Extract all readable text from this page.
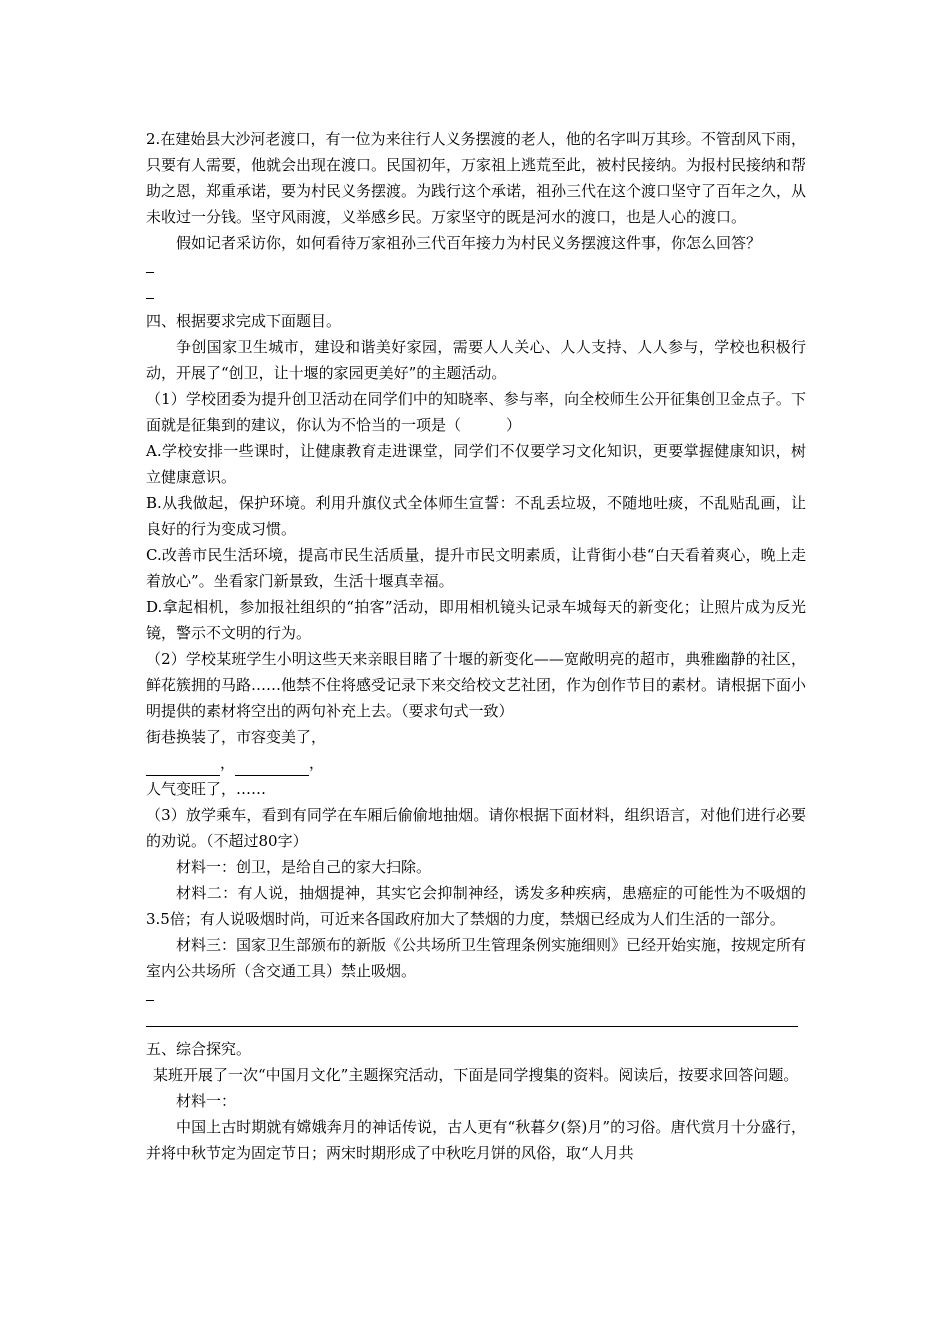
2.在建始县大沙河老渡口，有一位为来往行人义务摆渡的老人，他的名字叫万其珍。不管刮风下雨，只要有人需要，他就会出现在渡口。民国初年，万家祖上逃荒至此，被村民接纳。为报村民接纳和帮助之恩，郑重承诺，要为村民义务摆渡。为践行这个承诺，祖孙三代在这个渡口坚守了百年之久，从未收过一分钱。坚守风雨渡，义举感乡民。万家坚守的既是河水的渡口，也是人心的渡口。

假如记者采访你，如何看待万家祖孙三代百年接力为村民义务摆渡这件事，你怎么回答？

四、根据要求完成下面题目。

争创国家卫生城市，建设和谐美好家园，需要人人关心、人人支持、人人参与，学校也积极行动，开展了“创卫，让十堰的家园更美好”的主题活动。

（1）学校团委为提升创卫活动在同学们中的知晓率、参与率，向全校师生公开征集创卫金点子。下面就是征集到的建议，你认为不恰当的一项是（　　　）

A.学校安排一些课时，让健康教育走进课堂，同学们不仅要学习文化知识，更要掌握健康知识，树立健康意识。

B.从我做起，保护环境。利用升旗仪式全体师生宣誓：不乱丢垃圾，不随地吐痰，不乱贴乱画，让良好的行为变成习惯。

C.改善市民生活环境，提高市民生活质量，提升市民文明素质，让背街小巷“白天看着爽心，晚上走着放心”。坐看家门新景致，生活十堰真幸福。

D.拿起相机，参加报社组织的“拍客”活动，即用相机镜头记录车城每天的新变化；让照片成为反光镜，警示不文明的行为。

（2）学校某班学生小明这些天来亲眼目睹了十堰的新变化——宽敞明亮的超市，典雅幽静的社区，鲜花簇拥的马路……他禁不住将感受记录下来交给校文艺社团，作为创作节目的素材。请根据下面小明提供的素材将空出的两句补充上去。（要求句式一致）

街巷换装了，市容变美了，

，	，

人气变旺了，……

（3）放学乘车，看到有同学在车厢后偷偷地抽烟。请你根据下面材料，组织语言，对他们进行必要的劝说。（不超过80字）

材料一：创卫，是给自己的家大扫除。

材料二：有人说，抽烟提神，其实它会抑制神经，诱发多种疾病，患癌症的可能性为不吸烟的3.5倍；有人说吸烟时尚，可近来各国政府加大了禁烟的力度，禁烟已经成为人们生活的一部分。

材料三：国家卫生部颁布的新版《公共场所卫生管理条例实施细则》已经开始实施，按规定所有室内公共场所（含交通工具）禁止吸烟。

五、综合探究。

某班开展了一次“中国月文化”主题探究活动，下面是同学搜集的资料。阅读后，按要求回答问题。

材料一：

中国上古时期就有嫦娥奔月的神话传说，古人更有“秋暮夕(祭)月”的习俗。唐代赏月十分盛行，并将中秋节定为固定节日；两宋时期形成了中秋吃月饼的风俗，取“人月共
